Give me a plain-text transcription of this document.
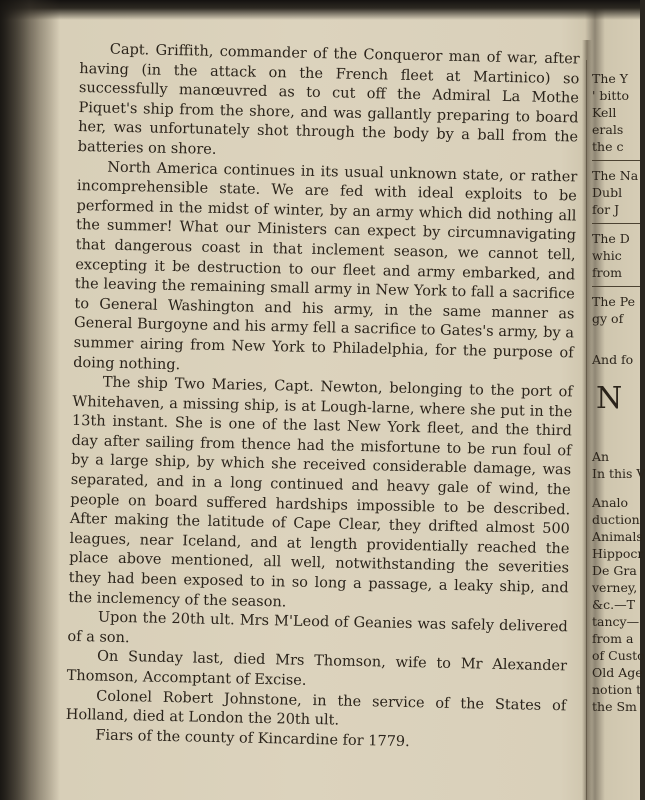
Capt. Griffith, commander of the Conqueror man of war, after having (in the attack on the French fleet at Martinico) so successfully manœuvred as to cut off the Admiral La Mothe Piquet's ship from the shore, and was gallantly preparing to board her, was unfortunately shot through the body by a ball from the batteries on shore.

North America continues in its usual unknown state, or rather incomprehensible state. We are fed with ideal exploits to be performed in the midst of winter, by an army which did nothing all the summer! What our Ministers can expect by circumnavigating that dangerous coast in that inclement season, we cannot tell, excepting it be destruction to our fleet and army embarked, and the leaving the remaining small army in New York to fall a sacrifice to General Washington and his army, in the same manner as General Burgoyne and his army fell a sacrifice to Gates's army, by a summer airing from New York to Philadelphia, for the purpose of doing nothing.

The ship Two Maries, Capt. Newton, belonging to the port of Whitehaven, a missing ship, is at Lough-larne, where she put in the 13th instant. She is one of the last New York fleet, and the third day after sailing from thence had the misfortune to be run foul of by a large ship, by which she received considerable damage, was separated, and in a long continued and heavy gale of wind, the people on board suffered hardships impossible to be described. After making the latitude of Cape Clear, they drifted almost 500 leagues, near Iceland, and at length providentially reached the place above mentioned, all well, notwithstanding the severities they had been exposed to in so long a passage, a leaky ship, and the inclemency of the season.

Upon the 20th ult. Mrs M'Leod of Geanies was safely delivered of a son.

On Sunday last, died Mrs Thomson, wife to Mr Alexander Thomson, Accomptant of Excise.

Colonel Robert Johnstone, in the service of the States of Holland, died at London the 20th ult.

Fiars of the county of Kincardine for 1779.

The Y
' bitto
Kell
erals
the c
The Na
Dubl
for J
The D
whic
from
The Pe
gy of
And fo
N
An
In this V
Analo
duction
Animals
Hippocr
De Gra
verney,
&c.—T
tancy—
from a
of Custo
Old Age
notion t
the Sm
